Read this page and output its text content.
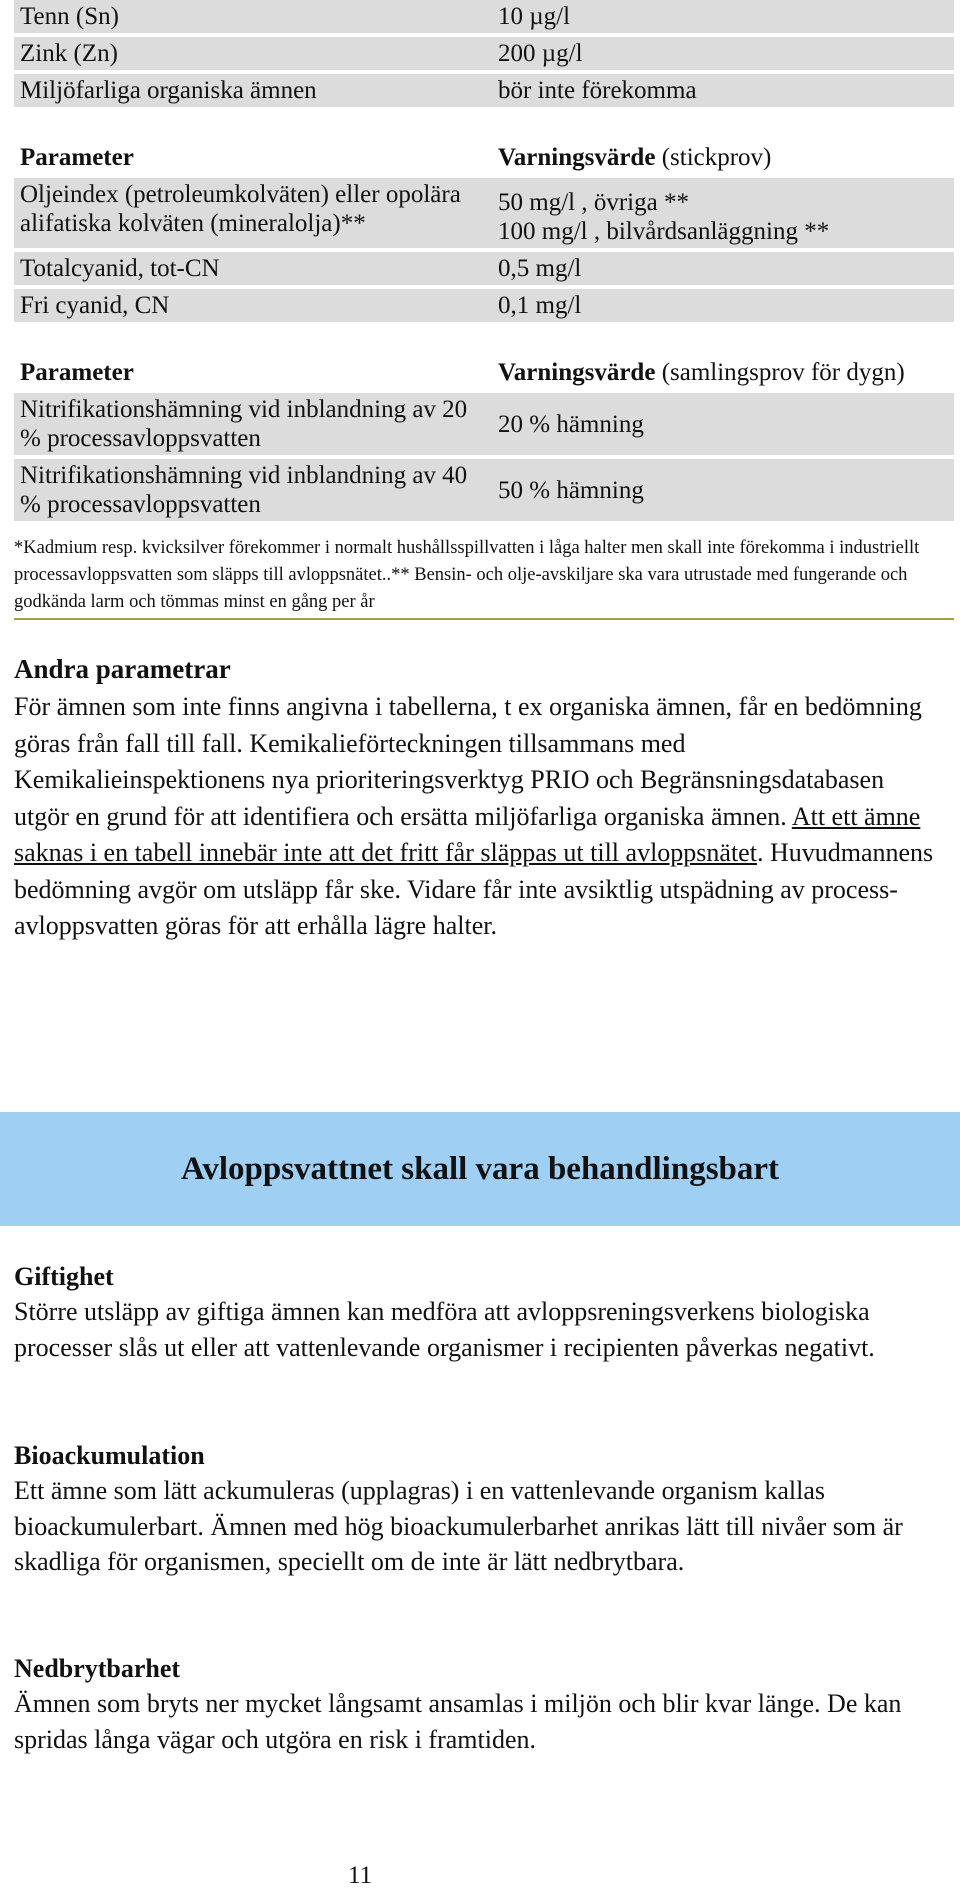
Tenn (Sn)	10 µg/l
Zink (Zn)	200 µg/l
Miljöfarliga organiska ämnen	bör inte förekomma
Parameter	Varningsvärde (stickprov)
Oljeindex (petroleumkolväten) eller opolära alifatiska kolväten (mineralolja)**	50 mg/l , övriga **
100 mg/l , bilvårdsanläggning **
Totalcyanid, tot-CN	0,5 mg/l
Fri cyanid, CN	0,1 mg/l
Parameter	Varningsvärde (samlingsprov för dygn)
Nitrifikationshämning vid inblandning av 20 % processavloppsvatten	20 % hämning
Nitrifikationshämning vid inblandning av 40 % processavloppsvatten	50 % hämning
*Kadmium resp. kvicksilver förekommer i normalt hushållsspillvatten i låga halter men skall inte förekomma i industriellt processavloppsvatten som släpps till avloppsnätet..** Bensin- och olje-avskiljare ska vara utrustade med fungerande och godkända larm och tömmas minst en gång per år
Andra parametrar

För ämnen som inte finns angivna i tabellerna, t ex organiska ämnen, får en bedömning göras från fall till fall. Kemikalieförteckningen tillsammans med Kemikalieinspektionens nya prioriteringsverktyg PRIO och Begränsningsdatabasen utgör en grund för att identifiera och ersätta miljöfarliga organiska ämnen. Att ett ämne saknas i en tabell innebär inte att det fritt får släppas ut till avloppsnätet. Huvudmannens bedömning avgör om utsläpp får ske. Vidare får inte avsiktlig utspädning av process-avloppsvatten göras för att erhålla lägre halter.

Avloppsvattnet skall vara behandlingsbart
Giftighet

Större utsläpp av giftiga ämnen kan medföra att avloppsreningsverkens biologiska processer slås ut eller att vattenlevande organismer i recipienten påverkas negativt.

Bioackumulation

Ett ämne som lätt ackumuleras (upplagras) i en vattenlevande organism kallas bioackumulerbart. Ämnen med hög bioackumulerbarhet anrikas lätt till nivåer som är skadliga för organismen, speciellt om de inte är lätt nedbrytbara.

Nedbrytbarhet

Ämnen som bryts ner mycket långsamt ansamlas i miljön och blir kvar länge. De kan spridas långa vägar och utgöra en risk i framtiden.

11
